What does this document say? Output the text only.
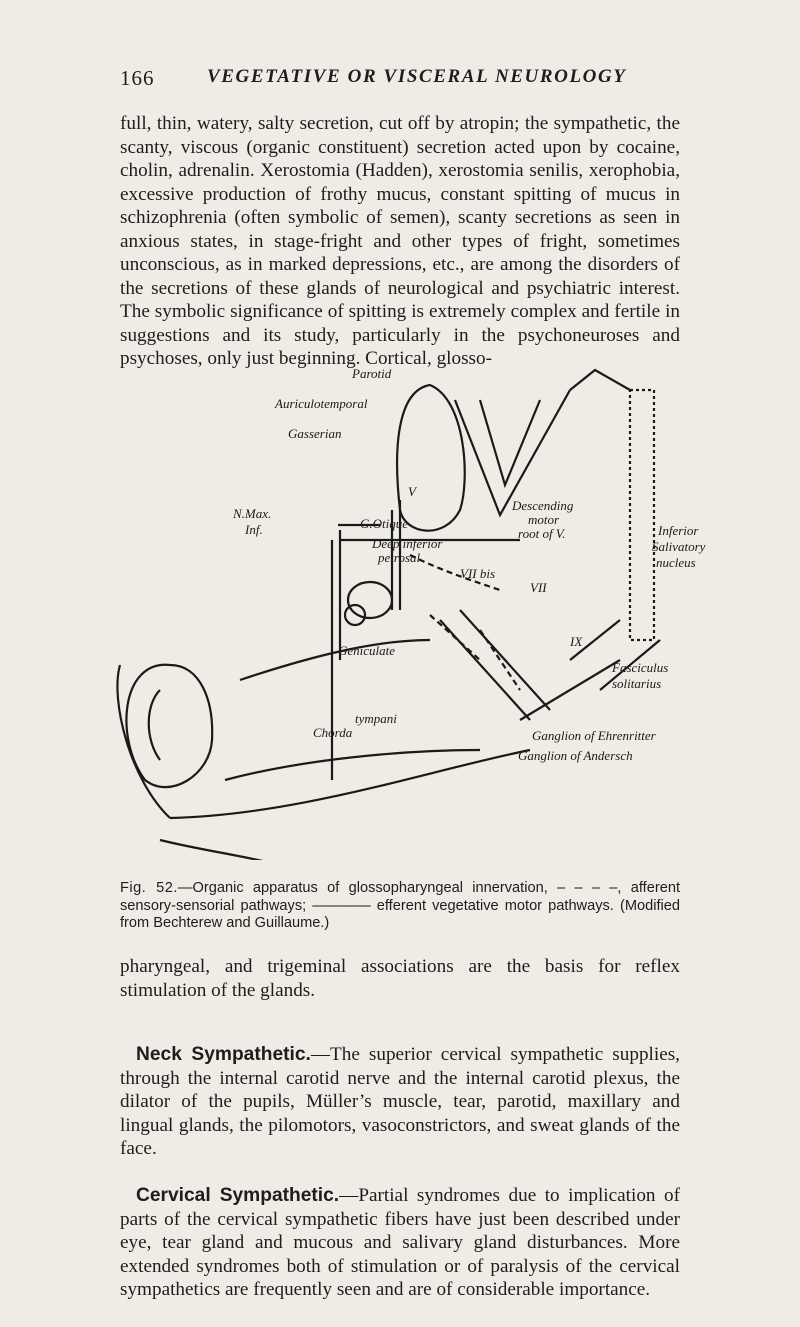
166	VEGETATIVE OR VISCERAL NEUROLOGY

full, thin, watery, salty secretion, cut off by atropin; the sympathetic, the scanty, viscous (organic constituent) secretion acted upon by cocaine, cholin, adrenalin. Xerostomia (Hadden), xerostomia senilis, xerophobia, excessive production of frothy mucus, constant spitting of mucus in schizophrenia (often symbolic of semen), scanty secretions as seen in anxious states, in stage-fright and other types of fright, sometimes unconscious, as in marked depressions, etc., are among the disorders of the secretions of these glands of neurological and psychiatric interest. The symbolic significance of spitting is extremely complex and fertile in suggestions and its study, particularly in the psychoneuroses and psychoses, only just beginning. Cortical, glosso-

Parotid
Auriculotemporal
Gasserian
V
N.Max.
Inf.	G.Otique
Deep inferior
petrosal
Descending
motor
root of V.	Inferior
Salivatory
nucleus
VII bis
VII
Geniculate
IX
Chorda
tympani
Fasciculus
solitarius
Ganglion of Ehrenritter
Ganglion of Andersch

Fig. 52.—Organic apparatus of glossopharyngeal innervation, – – – –, afferent sensory-sensorial pathways; ———— efferent vegetative motor pathways. (Modified from Bechterew and Guillaume.)

pharyngeal, and trigeminal associations are the basis for reflex stimulation of the glands.

Neck Sympathetic.—The superior cervical sympathetic supplies, through the internal carotid nerve and the internal carotid plexus, the dilator of the pupils, Müller’s muscle, tear, parotid, maxillary and lingual glands, the pilomotors, vasoconstrictors, and sweat glands of the face.

Cervical Sympathetic.—Partial syndromes due to implication of parts of the cervical sympathetic fibers have just been described under eye, tear gland and mucous and salivary gland disturbances. More extended syndromes both of stimulation or of paralysis of the cervical sympathetics are frequently seen and are of considerable importance.
